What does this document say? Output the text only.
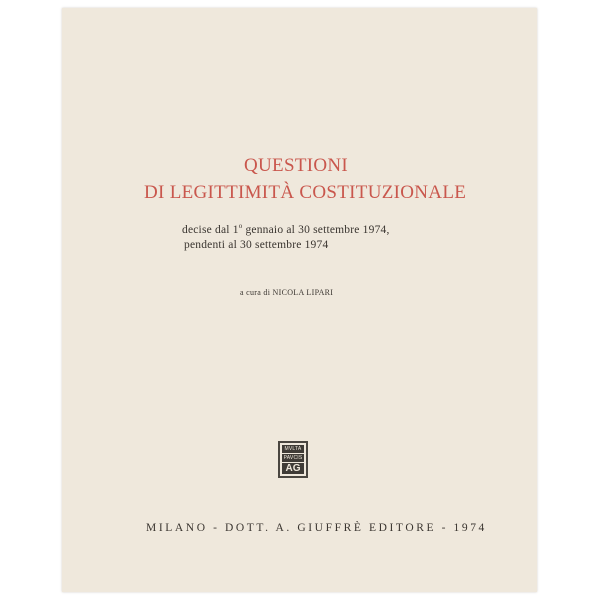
QUESTIONI
DI LEGITTIMITÀ COSTITUZIONALE
decise dal 1$^o$ gennaio al 30 settembre 1974,
pendenti al 30 settembre 1974
a cura di NICOLA LIPARI
MVLTA
PAVCIS
AG
MILANO - DOTT. A. GIUFFRÈ EDITORE - 1974
